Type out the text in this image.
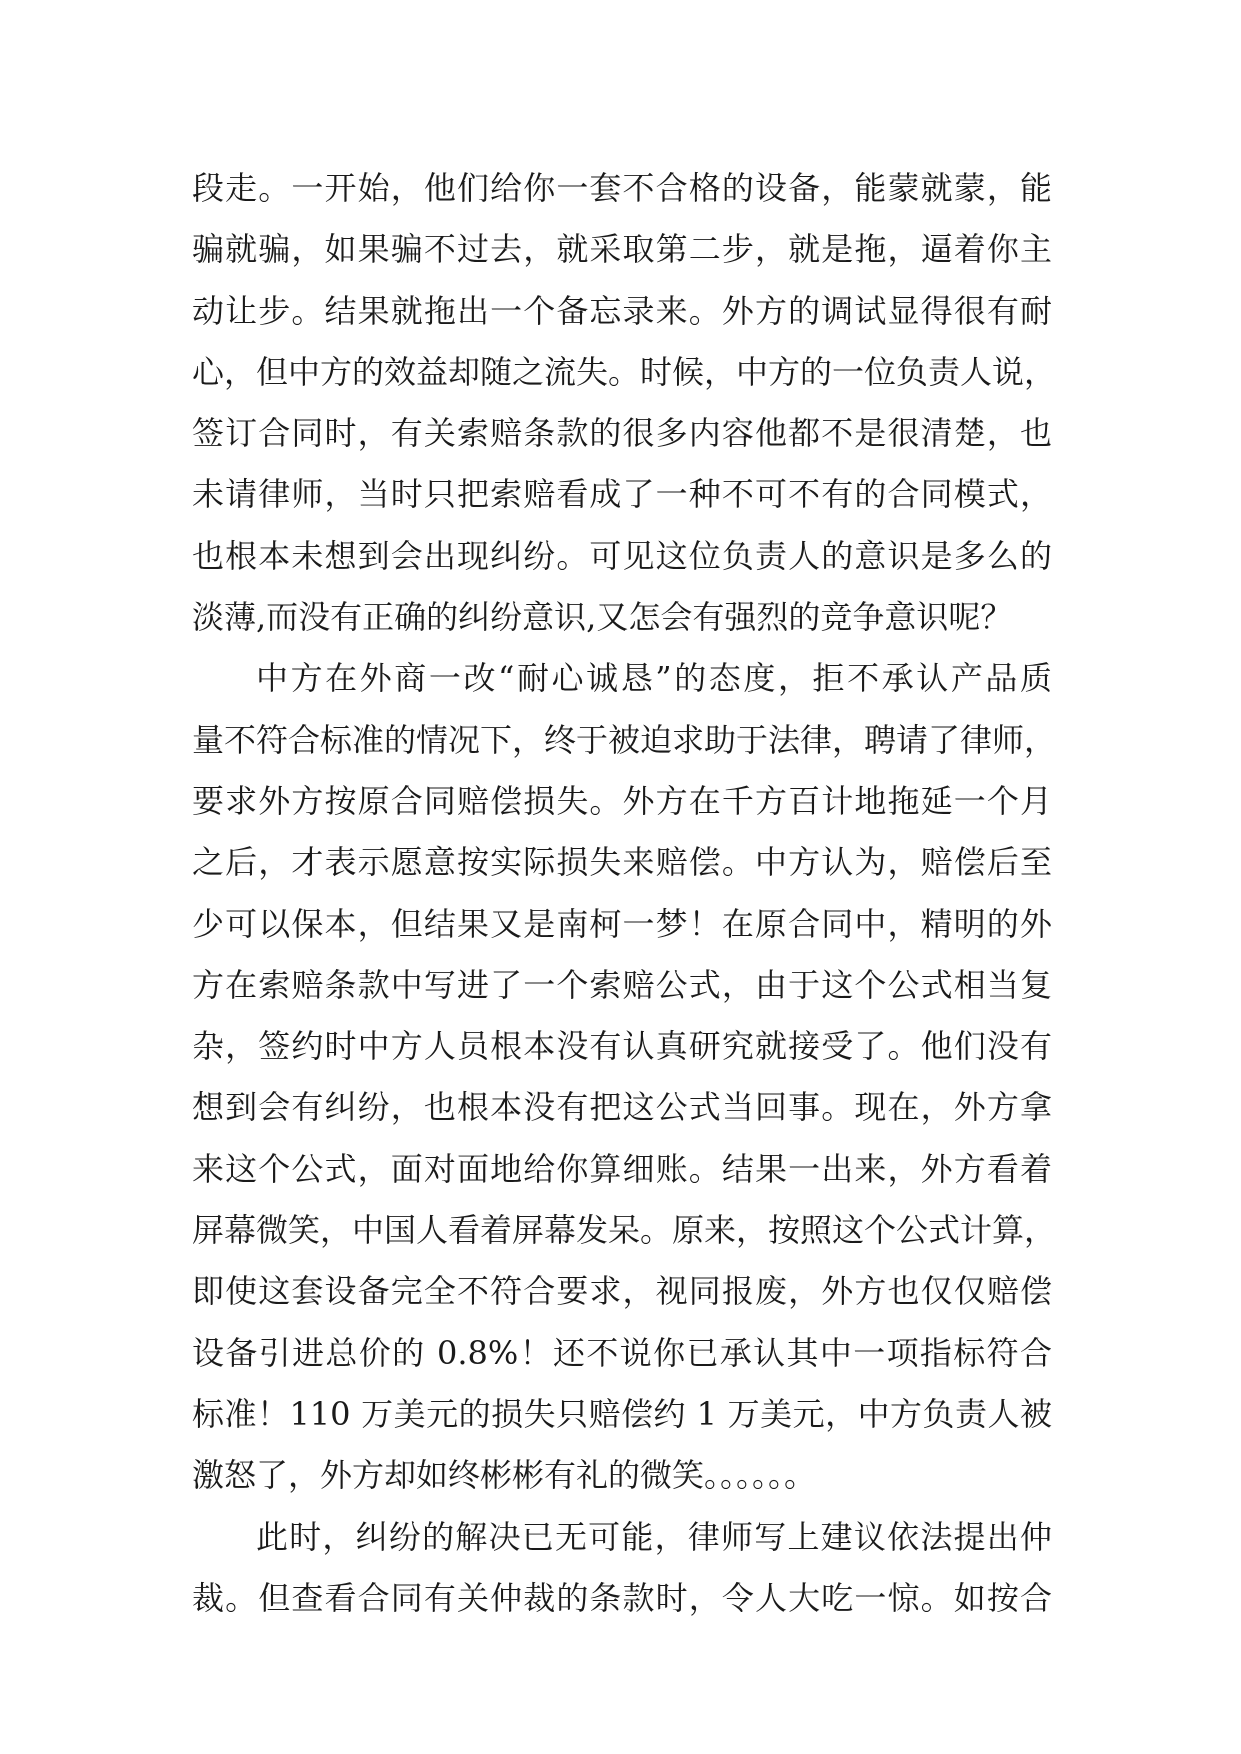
段走。一开始，他们给你一套不合格的设备，能蒙就蒙，能
骗就骗，如果骗不过去，就采取第二步，就是拖，逼着你主
动让步。结果就拖出一个备忘录来。外方的调试显得很有耐
心，但中方的效益却随之流失。时候，中方的一位负责人说，
签订合同时，有关索赔条款的很多内容他都不是很清楚，也
未请律师，当时只把索赔看成了一种不可不有的合同模式，
也根本未想到会出现纠纷。可见这位负责人的意识是多么的
淡薄,而没有正确的纠纷意识,又怎会有强烈的竞争意识呢？
中方在外商一改“耐心诚恳”的态度，拒不承认产品质
量不符合标准的情况下，终于被迫求助于法律，聘请了律师，
要求外方按原合同赔偿损失。外方在千方百计地拖延一个月
之后，才表示愿意按实际损失来赔偿。中方认为，赔偿后至
少可以保本，但结果又是南柯一梦！在原合同中，精明的外
方在索赔条款中写进了一个索赔公式，由于这个公式相当复
杂，签约时中方人员根本没有认真研究就接受了。他们没有
想到会有纠纷，也根本没有把这公式当回事。现在，外方拿
来这个公式，面对面地给你算细账。结果一出来，外方看着
屏幕微笑，中国人看着屏幕发呆。原来，按照这个公式计算，
即使这套设备完全不符合要求，视同报废，外方也仅仅赔偿
设备引进总价的 0.8%！还不说你已承认其中一项指标符合
标准！110 万美元的损失只赔偿约 1 万美元，中方负责人被
激怒了，外方却如终彬彬有礼的微笑。。。。。。
此时，纠纷的解决已无可能，律师写上建议依法提出仲
裁。但查看合同有关仲裁的条款时，令人大吃一惊。如按合
